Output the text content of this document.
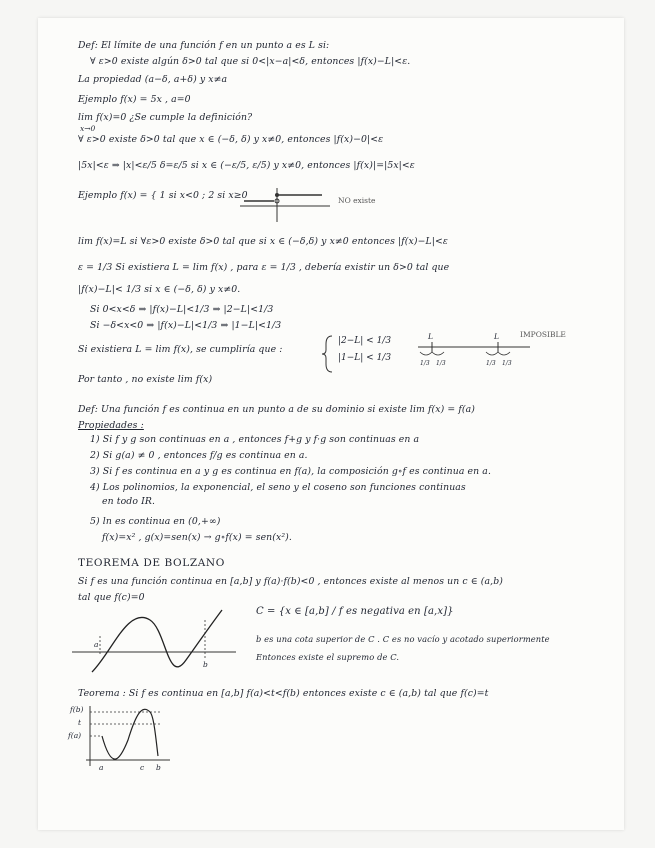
Def: El límite de una función f en un punto a es L si:
∀ ε>0 existe algún δ>0 tal que si 0<|x−a|<δ, entonces |f(x)−L|<ε.
La propiedad (a−δ, a+δ) y x≠a
Ejemplo f(x) = 5x , a=0
lim f(x)=0 ¿Se cumple la definición?
x→0
∀ ε>0 existe δ>0 tal que x ∈ (−δ, δ) y x≠0, entonces |f(x)−0|<ε
|5x|<ε ⇒ |x|<ε/5 δ=ε/5 si x ∈ (−ε/5, ε/5) y x≠0, entonces |f(x)|=|5x|<ε
Ejemplo f(x) = { 1 si x<0 ; 2 si x≥0	NO existe
lim f(x)=L si ∀ε>0 existe δ>0 tal que si x ∈ (−δ,δ) y x≠0 entonces |f(x)−L|<ε
ε = 1/3 Si existiera L = lim f(x) , para ε = 1/3 , debería existir un δ>0 tal que
|f(x)−L|< 1/3 si x ∈ (−δ, δ) y x≠0.
Si 0<x<δ ⇒ |f(x)−L|<1/3 ⇒ |2−L|<1/3
Si −δ<x<0 ⇒ |f(x)−L|<1/3 ⇒ |1−L|<1/3
Si existiera L = lim f(x), se cumpliría que :
|2−L| < 1/3
|1−L| < 1/3
L	L
1/3 1/3	1/3 1/3
IMPOSIBLE
Por tanto , no existe lim f(x)
Def: Una función f es continua en un punto a de su dominio si existe lim f(x) = f(a)
Propiedades :
1) Si f y g son continuas en a , entonces f+g y f·g son continuas en a
2) Si g(a) ≠ 0 , entonces f/g es continua en a.
3) Si f es continua en a y g es continua en f(a), la composición g∘f es continua en a.
4) Los polinomios, la exponencial, el seno y el coseno son funciones continuas
en todo IR.
5) ln es continua en (0,+∞)
f(x)=x² , g(x)=sen(x) → g∘f(x) = sen(x²).
TEOREMA DE BOLZANO
Si f es una función continua en [a,b] y f(a)·f(b)<0 , entonces existe al menos un c ∈ (a,b)
tal que f(c)=0
a
b
C = {x ∈ [a,b] / f es negativa en [a,x]}
b es una cota superior de C . C es no vacío y acotado superiormente
Entonces existe el supremo de C.
Teorema : Si f es continua en [a,b] f(a)<t<f(b) entonces existe c ∈ (a,b) tal que f(c)=t
f(b)
t
f(a)
a	c b
